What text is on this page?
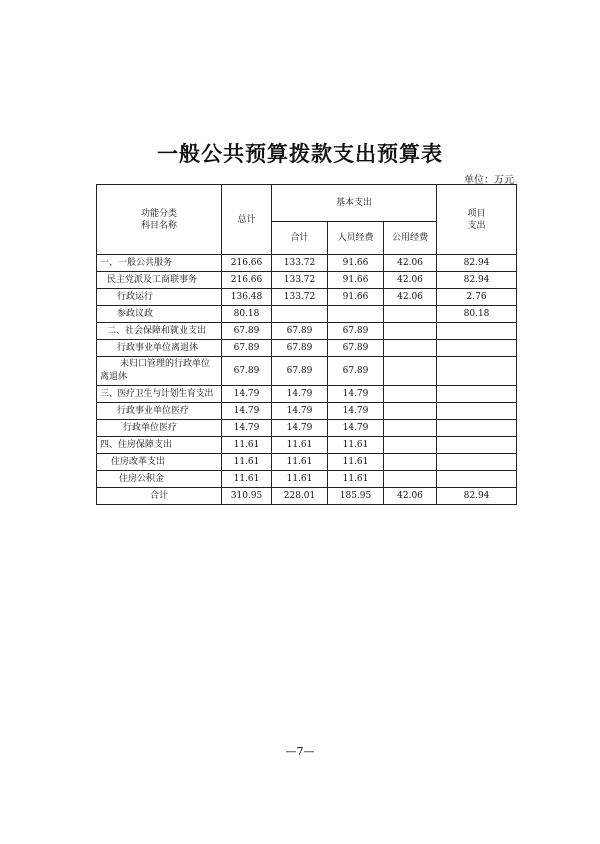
一般公共预算拨款支出预算表
单位：万元
功能分类
科目名称	总计	基本支出			项目
支出
		合计	人员经费	公用经费	
一、一般公共服务	216.66	133.72	91.66	42.06	82.94
民主党派及工商联事务	216.66	133.72	91.66	42.06	82.94
行政运行	136.48	133.72	91.66	42.06	2.76
参政议政	80.18				80.18
二、社会保障和就业支出	67.89	67.89	67.89		
行政事业单位离退休	67.89	67.89	67.89		
未归口管理的行政单位离退休	67.89	67.89	67.89		
三、医疗卫生与计划生育支出	14.79	14.79	14.79		
行政事业单位医疗	14.79	14.79	14.79		
行政单位医疗	14.79	14.79	14.79		
四、住房保障支出	11.61	11.61	11.61		
住房改革支出	11.61	11.61	11.61		
住房公积金	11.61	11.61	11.61		
合计	310.95	228.01	185.95	42.06	82.94
—7—
